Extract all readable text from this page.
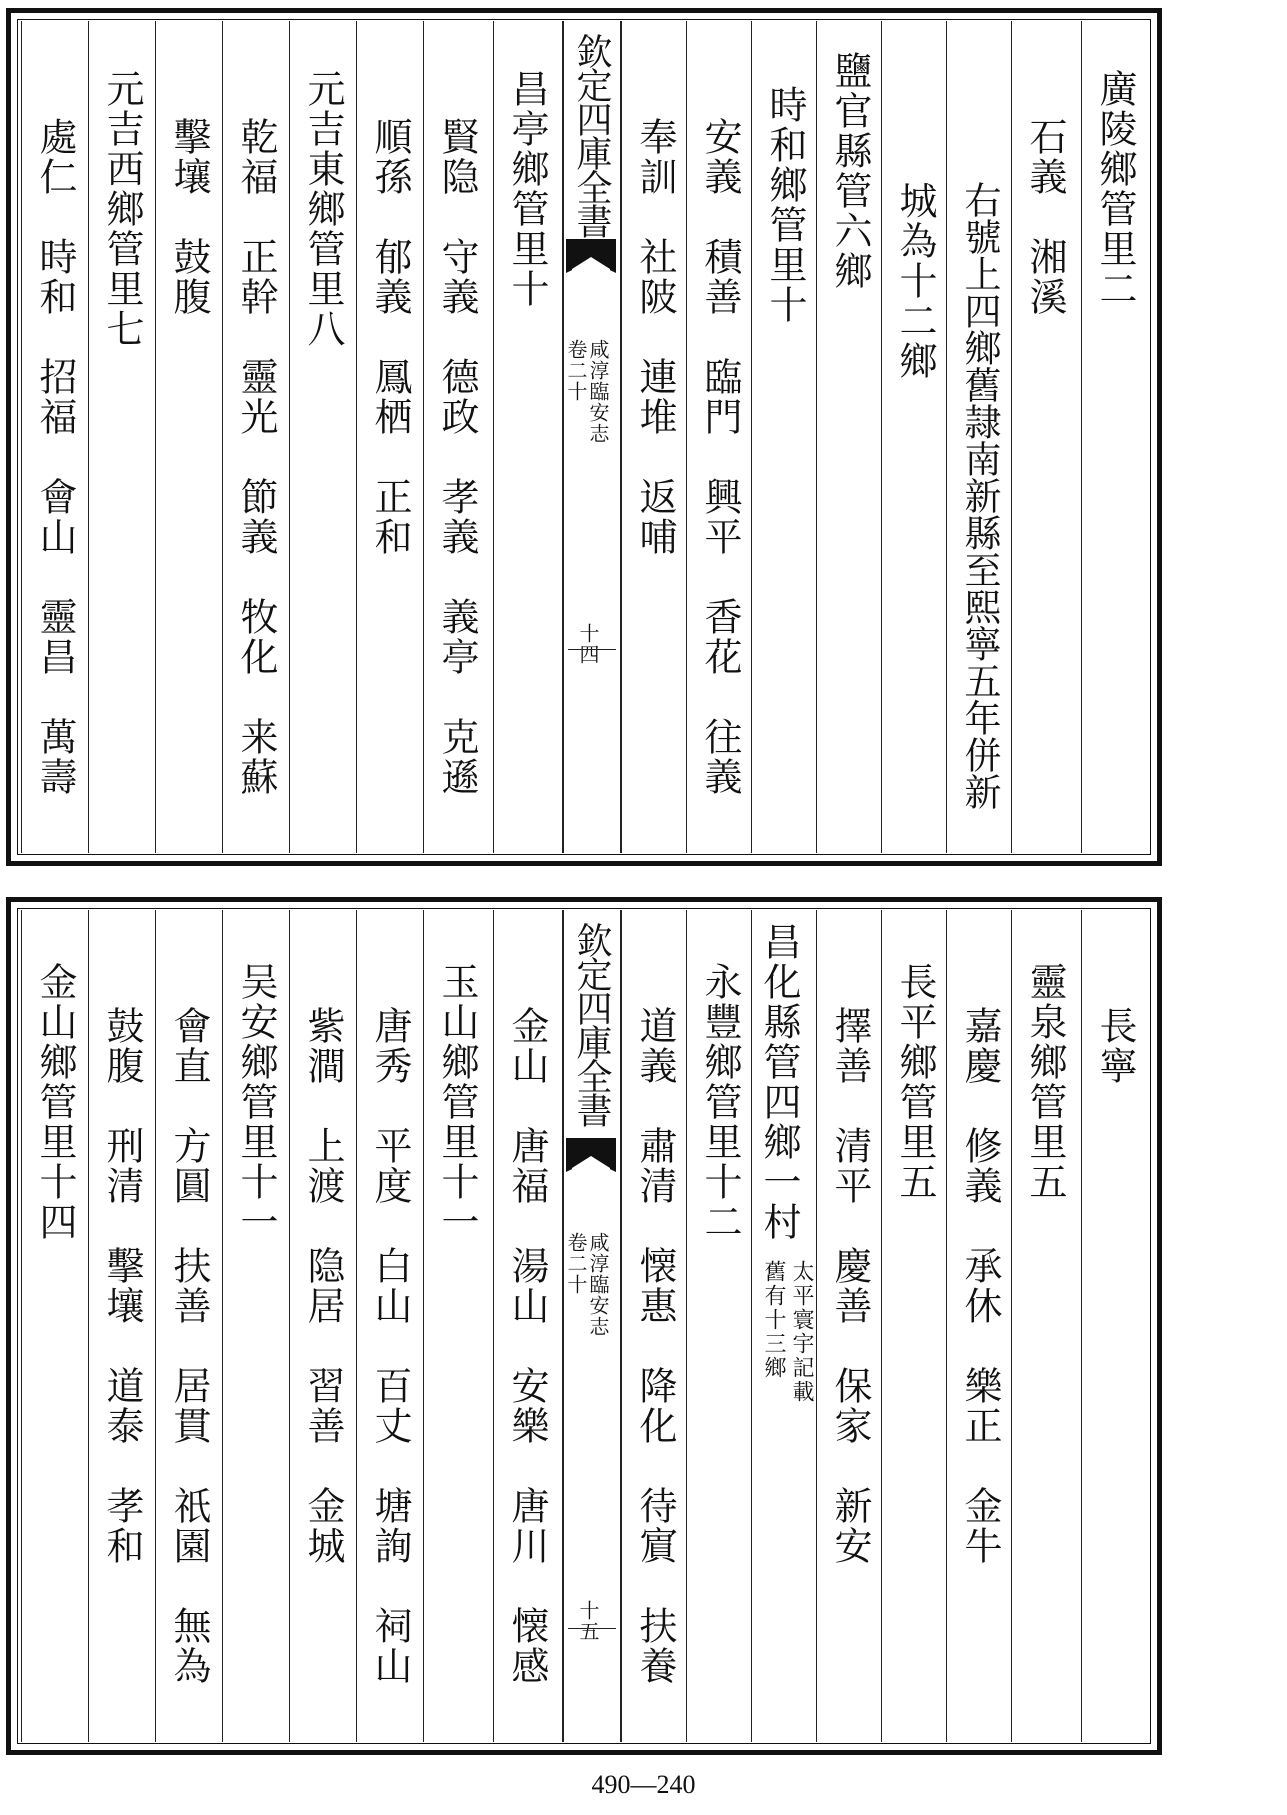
廣陵鄉管里二
石義　湘溪
右號上四鄉舊隷南新縣至熙寧五年併新
城為十二鄉
鹽官縣管六鄉
時和鄉管里十
安義　積善　臨門　興平　香花　往義
奉訓　社陂　連堆　返哺
欽定四庫全書
咸淳臨安志
卷二十
十四
昌亭鄉管里十
賢隐　守義　德政　孝義　義亭　克遜
順孫　郁義　鳳栖　正和
元吉東鄉管里八
乾福　正幹　靈光　節義　牧化　来蘇
擊壤　鼓腹
元吉西鄉管里七
處仁　時和　招福　會山　靈昌　萬壽
長寧
靈泉鄉管里五
嘉慶　修義　承休　樂正　金牛
長平鄉管里五
擇善　清平　慶善　保家　新安
昌化縣管四鄉一村
太平寰宇記載
舊有十三鄉
永豐鄉管里十二
道義　肅清　懐惠　降化　待賔　扶養
欽定四庫全書
咸淳臨安志
卷二十
十五
金山　唐福　湯山　安樂　唐川　懐感
玉山鄉管里十一
唐秀　平度　白山　百丈　塘詢　祠山
紫澗　上渡　隐居　習善　金城
吴安鄉管里十一
會直　方圓　扶善　居貫　祇園　無為
鼓腹　刑清　擊壤　道泰　孝和
金山鄉管里十四
490—240
